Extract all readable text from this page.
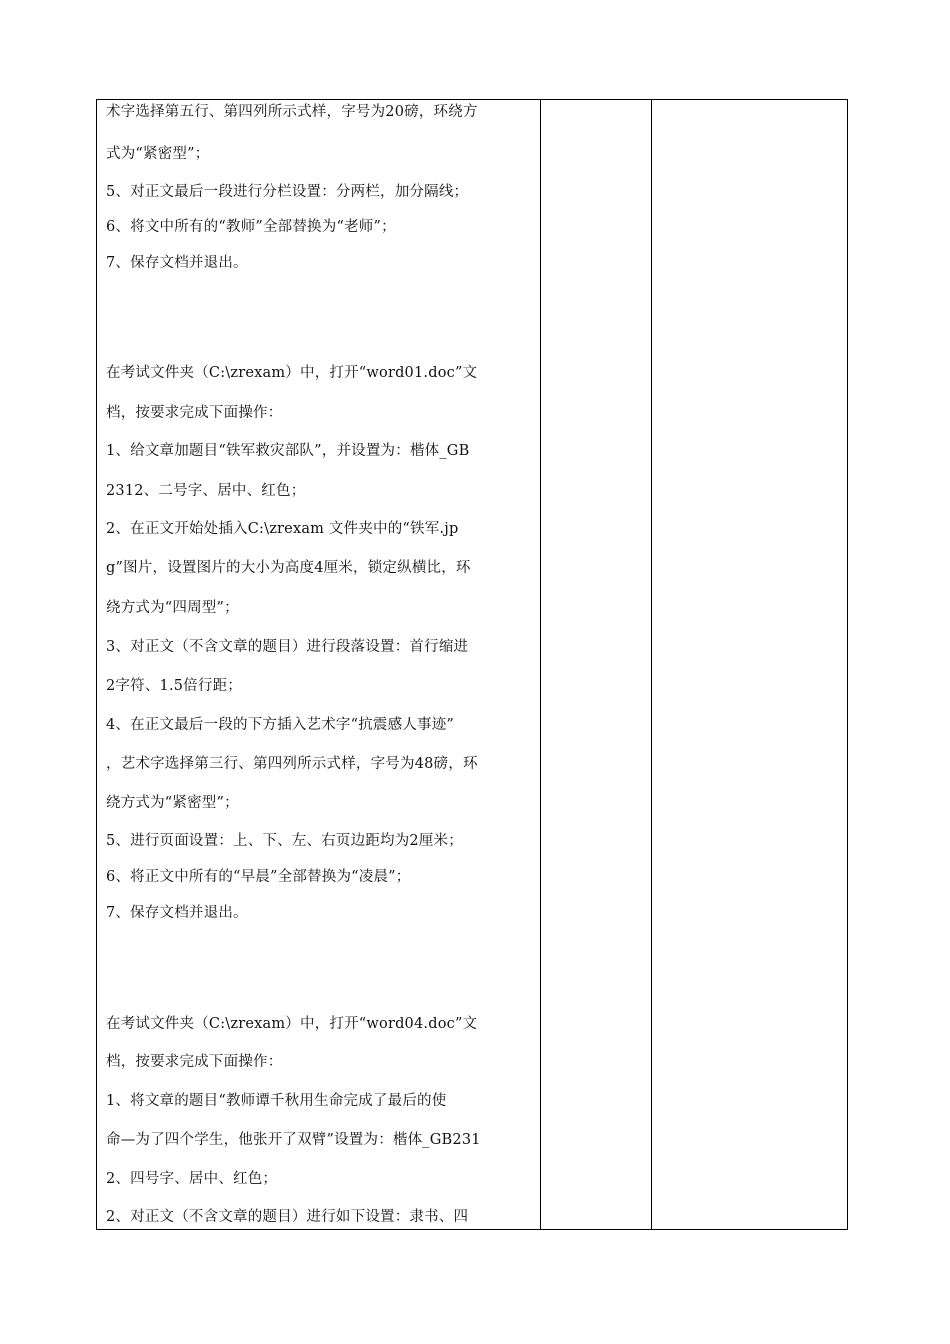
术字选择第五行、第四列所示式样，字号为20磅，环绕方
式为“紧密型”；
5、对正文最后一段进行分栏设置：分两栏，加分隔线；
6、将文中所有的“教师”全部替换为“老师”；
7、保存文档并退出。
在考试文件夹（C:\zrexam）中，打开“word01.doc”文
档，按要求完成下面操作：
1、给文章加题目“铁军救灾部队”，并设置为：楷体_GB
2312、二号字、居中、红色；
2、在正文开始处插入C:\zrexam 文件夹中的“铁军.jp
g”图片，设置图片的大小为高度4厘米，锁定纵横比，环
绕方式为“四周型”；
3、对正文（不含文章的题目）进行段落设置：首行缩进
2字符、1.5倍行距；
4、在正文最后一段的下方插入艺术字“抗震感人事迹”
，艺术字选择第三行、第四列所示式样，字号为48磅，环
绕方式为“紧密型”；
5、进行页面设置：上、下、左、右页边距均为2厘米；
6、将正文中所有的“早晨”全部替换为“凌晨”；
7、保存文档并退出。
在考试文件夹（C:\zrexam）中，打开“word04.doc”文
档，按要求完成下面操作：
1、将文章的题目“教师谭千秋用生命完成了最后的使
命—为了四个学生，他张开了双臂”设置为：楷体_GB231
2、四号字、居中、红色；
2、对正文（不含文章的题目）进行如下设置：隶书、四
